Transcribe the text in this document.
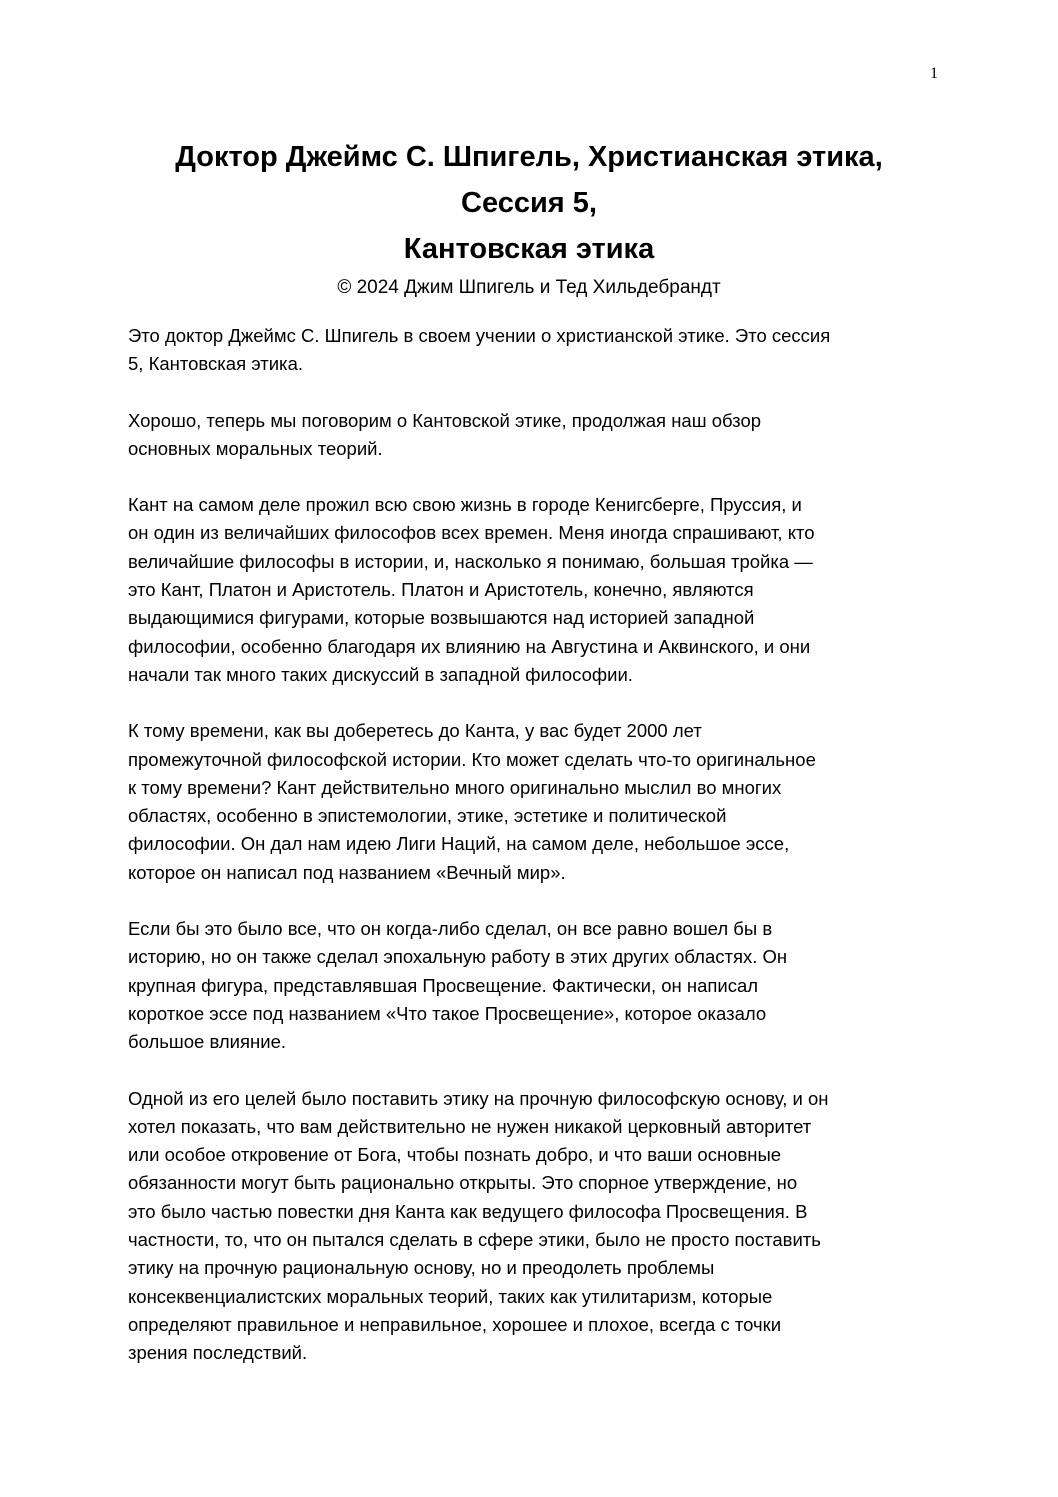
1

Доктор Джеймс С. Шпигель, Христианская этика,

Сессия 5,

Кантовская этика

© 2024 Джим Шпигель и Тед Хильдебрандт

Это доктор Джеймс С. Шпигель в своем учении о христианской этике. Это сессия
5, Кантовская этика.

Хорошо, теперь мы поговорим о Кантовской этике, продолжая наш обзор
основных моральных теорий.

Кант на самом деле прожил всю свою жизнь в городе Кенигсберге, Пруссия, и
он один из величайших философов всех времен. Меня иногда спрашивают, кто
величайшие философы в истории, и, насколько я понимаю, большая тройка —
это Кант, Платон и Аристотель. Платон и Аристотель, конечно, являются
выдающимися фигурами, которые возвышаются над историей западной
философии, особенно благодаря их влиянию на Августина и Аквинского, и они
начали так много таких дискуссий в западной философии.

К тому времени, как вы доберетесь до Канта, у вас будет 2000 лет
промежуточной философской истории. Кто может сделать что-то оригинальное
к тому времени? Кант действительно много оригинально мыслил во многих
областях, особенно в эпистемологии, этике, эстетике и политической
философии. Он дал нам идею Лиги Наций, на самом деле, небольшое эссе,
которое он написал под названием «Вечный мир».

Если бы это было все, что он когда-либо сделал, он все равно вошел бы в
историю, но он также сделал эпохальную работу в этих других областях. Он
крупная фигура, представлявшая Просвещение. Фактически, он написал
короткое эссе под названием «Что такое Просвещение», которое оказало
большое влияние.

Одной из его целей было поставить этику на прочную философскую основу, и он
хотел показать, что вам действительно не нужен никакой церковный авторитет
или особое откровение от Бога, чтобы познать добро, и что ваши основные
обязанности могут быть рационально открыты. Это спорное утверждение, но
это было частью повестки дня Канта как ведущего философа Просвещения. В
частности, то, что он пытался сделать в сфере этики, было не просто поставить
этику на прочную рациональную основу, но и преодолеть проблемы
консеквенциалистских моральных теорий, таких как утилитаризм, которые
определяют правильное и неправильное, хорошее и плохое, всегда с точки
зрения последствий.
